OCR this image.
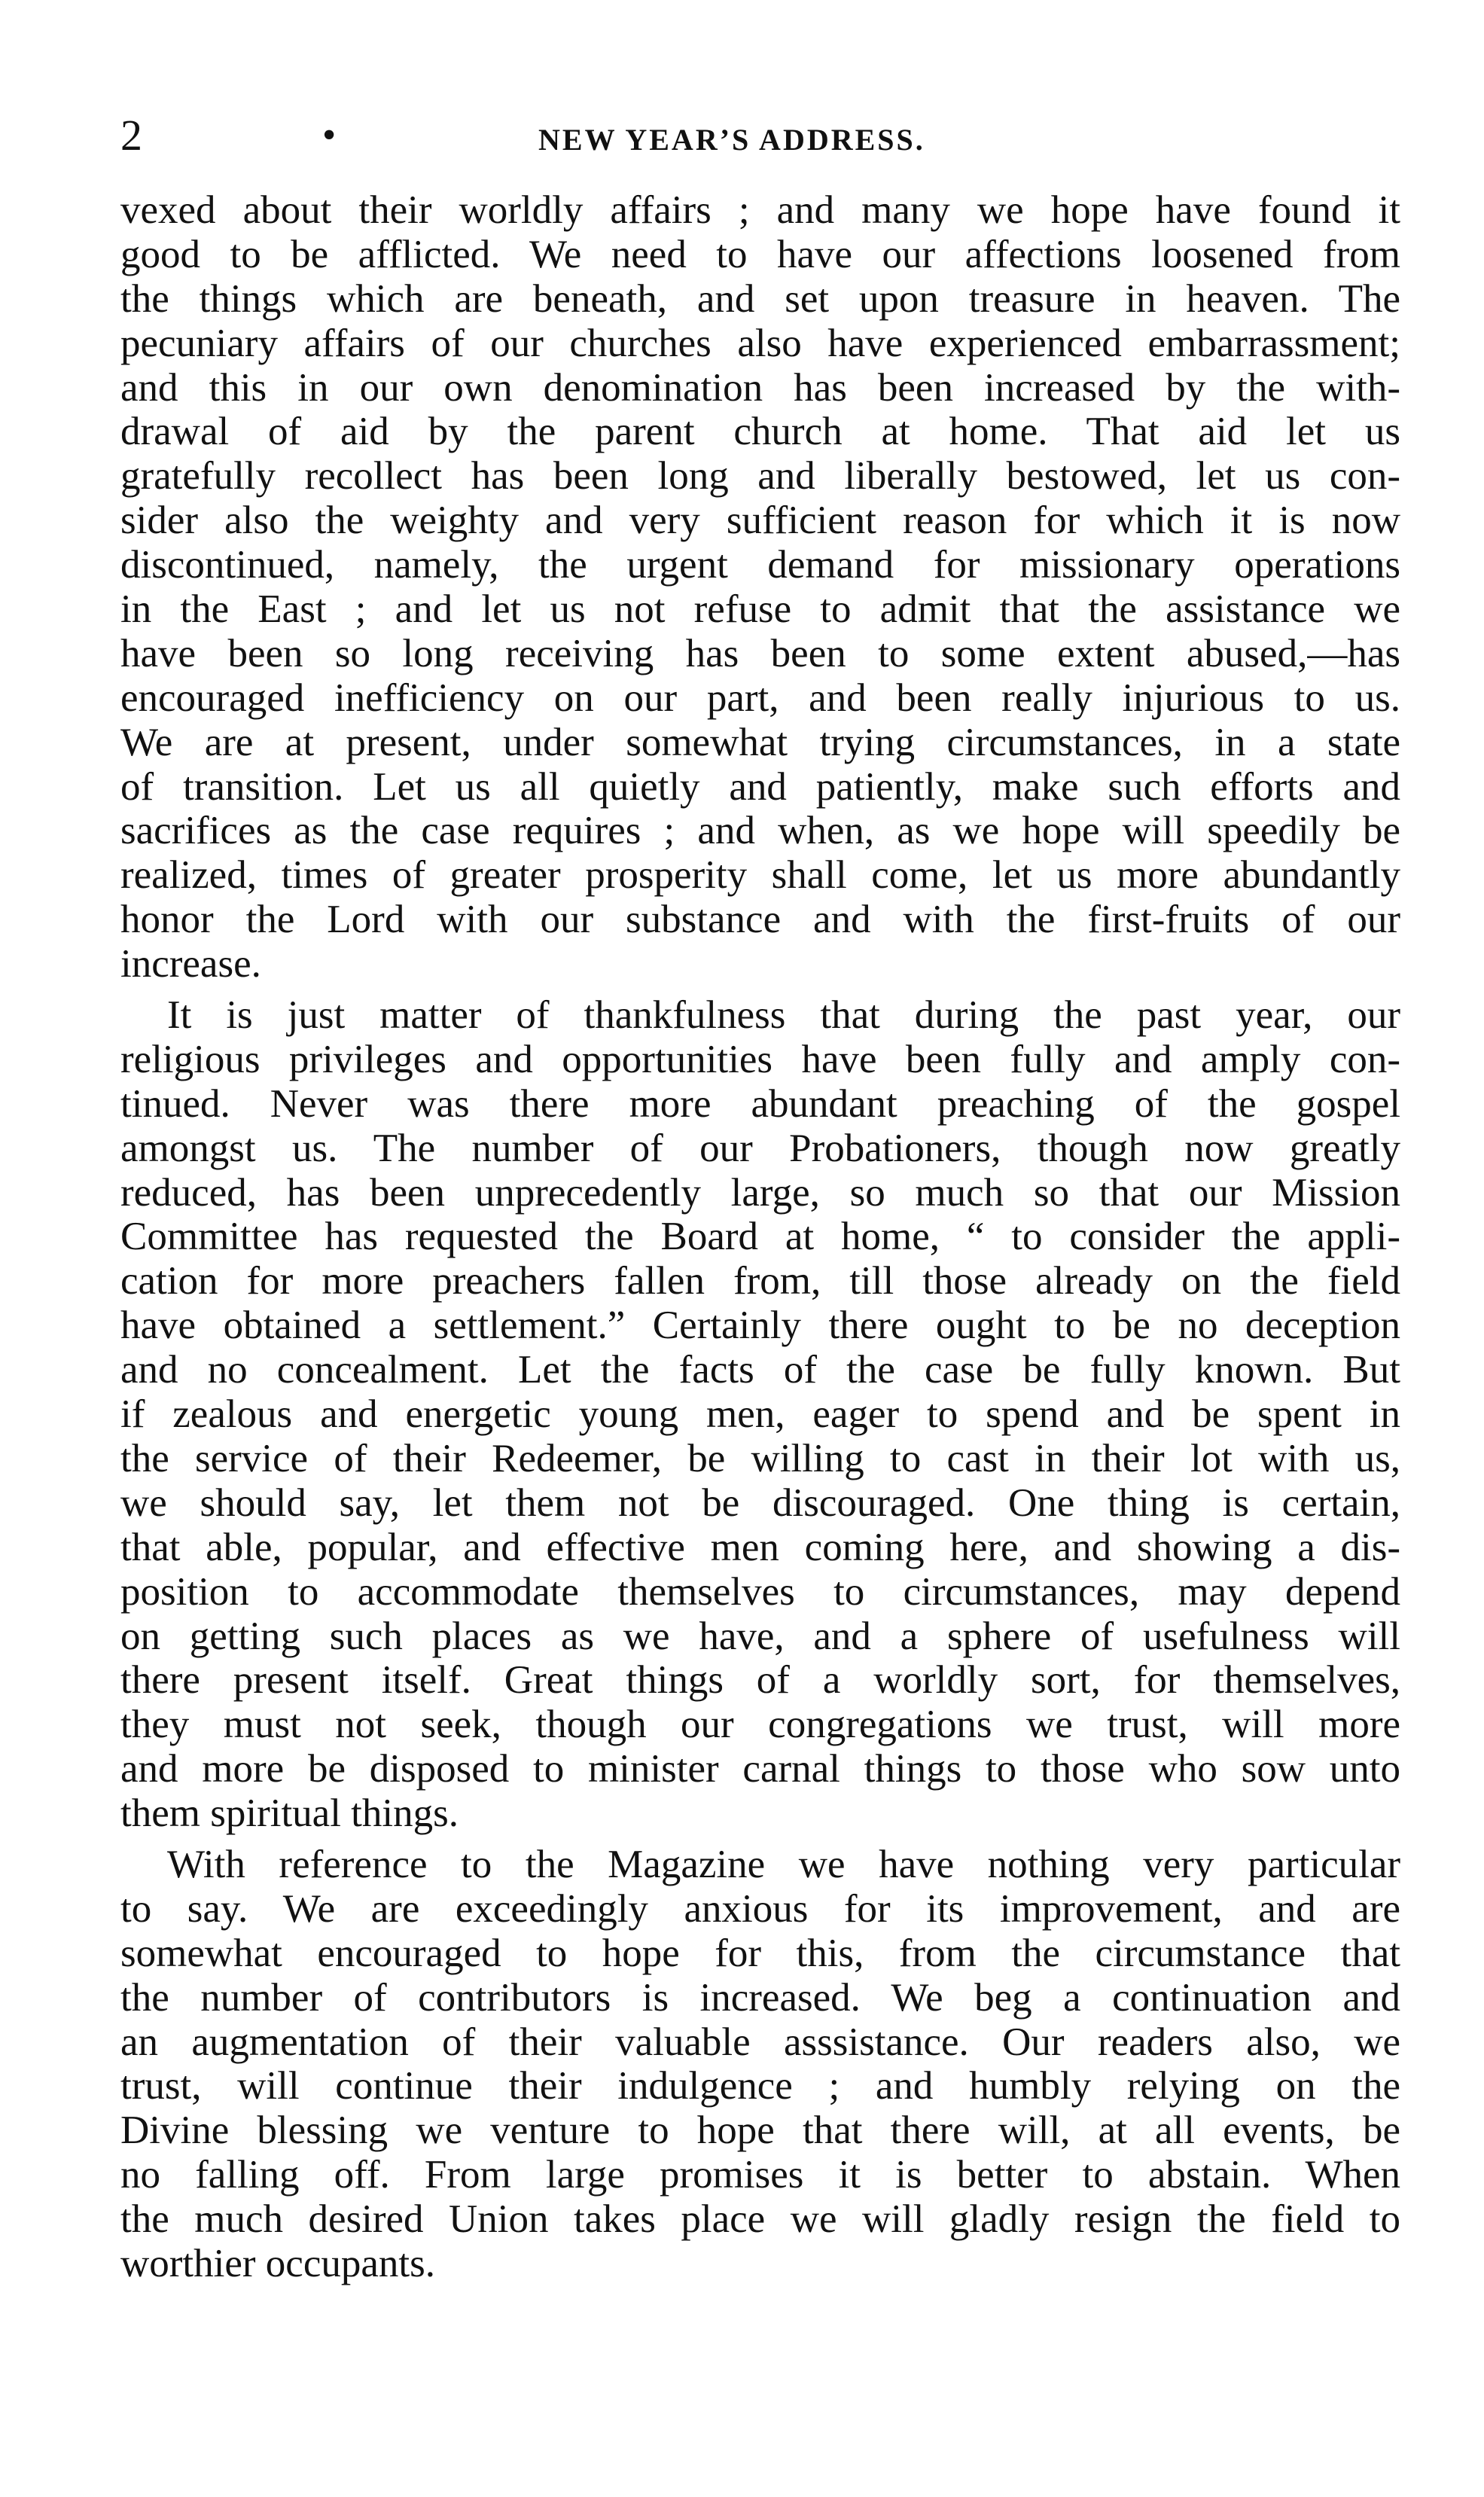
2	•	NEW YEAR’S ADDRESS.
vexed about their worldly affairs ; and many we hope have found it
good to be afflicted. We need to have our affections loosened from
the things which are beneath, and set upon treasure in heaven. The
pecuniary affairs of our churches also have experienced embarrassment;
and this in our own denomination has been increased by the with-
drawal of aid by the parent church at home. That aid let us
gratefully recollect has been long and liberally bestowed, let us con-
sider also the weighty and very sufficient reason for which it is now
discontinued, namely, the urgent demand for missionary operations
in the East ; and let us not refuse to admit that the assistance we
have been so long receiving has been to some extent abused,—has
encouraged inefficiency on our part, and been really injurious to us.
We are at present, under somewhat trying circumstances, in a state
of transition. Let us all quietly and patiently, make such efforts and
sacrifices as the case requires ; and when, as we hope will speedily be
realized, times of greater prosperity shall come, let us more abundantly
honor the Lord with our substance and with the first-fruits of our
increase.
It is just matter of thankfulness that during the past year, our
religious privileges and opportunities have been fully and amply con-
tinued. Never was there more abundant preaching of the gospel
amongst us. The number of our Probationers, though now greatly
reduced, has been unprecedently large, so much so that our Mission
Committee has requested the Board at home, “ to consider the appli-
cation for more preachers fallen from, till those already on the field
have obtained a settlement.” Certainly there ought to be no deception
and no concealment. Let the facts of the case be fully known. But
if zealous and energetic young men, eager to spend and be spent in
the service of their Redeemer, be willing to cast in their lot with us,
we should say, let them not be discouraged. One thing is certain,
that able, popular, and effective men coming here, and showing a dis-
position to accommodate themselves to circumstances, may depend
on getting such places as we have, and a sphere of usefulness will
there present itself. Great things of a worldly sort, for themselves,
they must not seek, though our congregations we trust, will more
and more be disposed to minister carnal things to those who sow unto
them spiritual things.
With reference to the Magazine we have nothing very particular
to say. We are exceedingly anxious for its improvement, and are
somewhat encouraged to hope for this, from the circumstance that
the number of contributors is increased. We beg a continuation and
an augmentation of their valuable asssistance. Our readers also, we
trust, will continue their indulgence ; and humbly relying on the
Divine blessing we venture to hope that there will, at all events, be
no falling off. From large promises it is better to abstain. When
the much desired Union takes place we will gladly resign the field to
worthier occupants.
